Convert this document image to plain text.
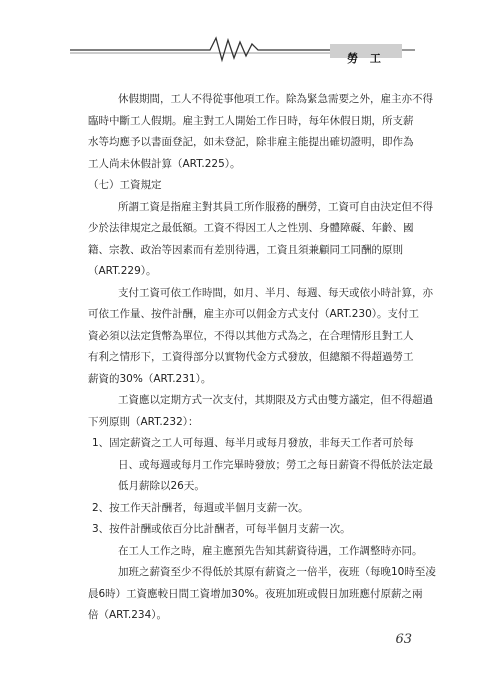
勞 工
休假期間，工人不得從事他項工作。除為緊急需要之外，雇主亦不得
臨時中斷工人假期。雇主對工人開始工作日時，每年休假日期，所支薪
水等均應予以書面登記，如未登記，除非雇主能提出確切證明，即作為
工人尚未休假計算（ART.225）。
（七）工資規定
所謂工資是指雇主對其員工所作服務的酬勞，工資可自由決定但不得
少於法律規定之最低額。工資不得因工人之性別、身體障礙、年齡、國
籍、宗教、政治等因素而有差別待遇，工資且須兼顧同工同酬的原則
（ART.229）。
支付工資可依工作時間，如月、半月、每週、每天或依小時計算，亦
可依工作量、按件計酬，雇主亦可以佣金方式支付（ART.230）。支付工
資必須以法定貨幣為單位，不得以其他方式為之，在合理情形且對工人
有利之情形下，工資得部分以實物代金方式發放，但總額不得超過勞工
薪資的30%（ART.231）。
工資應以定期方式一次支付，其期限及方式由雙方議定，但不得超過
下列原則（ART.232）：
1、固定薪資之工人可每週、每半月或每月發放，非每天工作者可於每
日、或每週或每月工作完畢時發放；勞工之每日薪資不得低於法定最
低月薪除以26天。
2、按工作天計酬者，每週或半個月支薪一次。
3、按件計酬或依百分比計酬者，可每半個月支薪一次。
在工人工作之時，雇主應預先告知其薪資待遇，工作調整時亦同。
加班之薪資至少不得低於其原有薪資之一倍半，夜班（每晚10時至凌
晨6時）工資應較日間工資增加30%。夜班加班或假日加班應付原薪之兩
倍（ART.234）。
63
